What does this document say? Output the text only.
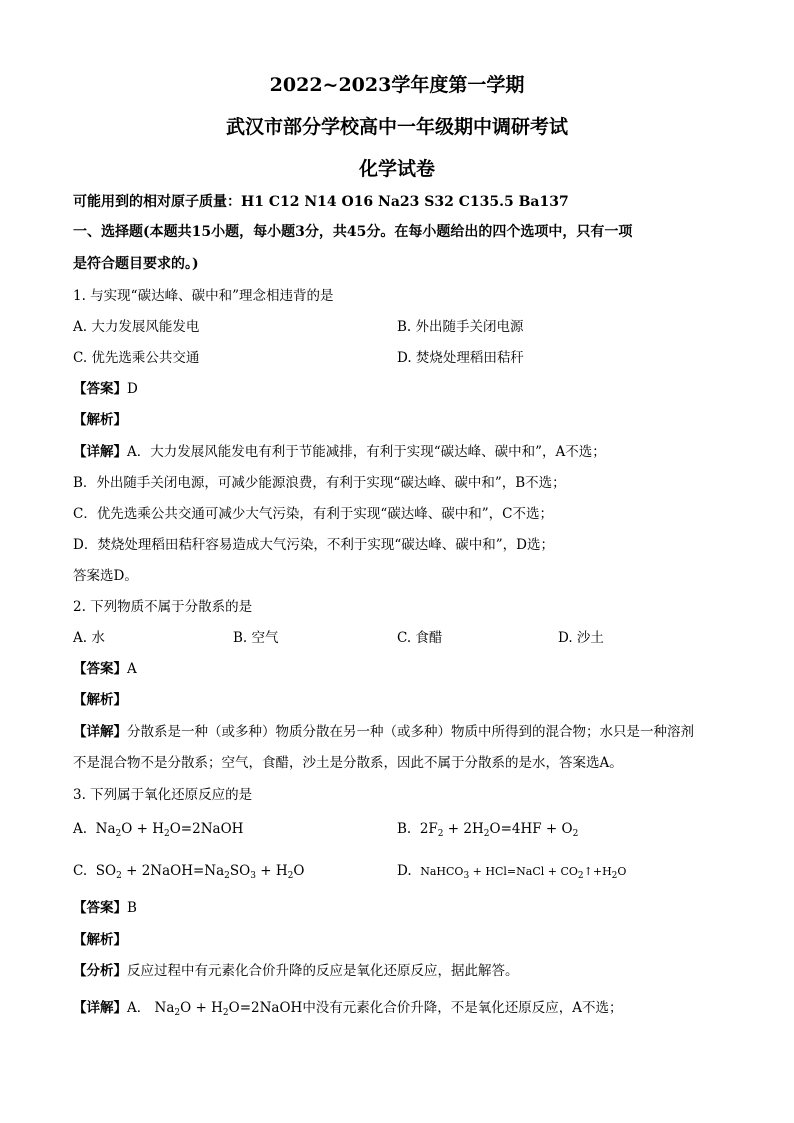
2022~2023学年度第一学期
武汉市部分学校高中一年级期中调研考试
化学试卷
可能用到的相对原子质量：H1 C12 N14 O16 Na23 S32 C135.5 Ba137
一、选择题(本题共15小题，每小题3分，共45分。在每小题给出的四个选项中，只有一项
是符合题目要求的。)
1. 与实现“碳达峰、碳中和”理念相违背的是
A. 大力发展风能发电	B. 外出随手关闭电源
C. 优先选乘公共交通	D. 焚烧处理稻田秸秆
【答案】D
【解析】
【详解】A．大力发展风能发电有利于节能减排，有利于实现“碳达峰、碳中和”，A不选；
B．外出随手关闭电源，可减少能源浪费，有利于实现“碳达峰、碳中和”，B不选；
C．优先选乘公共交通可减少大气污染，有利于实现“碳达峰、碳中和”，C不选；
D．焚烧处理稻田秸秆容易造成大气污染，不利于实现“碳达峰、碳中和”，D选；
答案选D。
2. 下列物质不属于分散系的是
A. 水	B. 空气	C. 食醋	D. 沙土
【答案】A
【解析】
【详解】分散系是一种（或多种）物质分散在另一种（或多种）物质中所得到的混合物；水只是一种溶剂
不是混合物不是分散系；空气，食醋，沙土是分散系，因此不属于分散系的是水，答案选A。
3. 下列属于氧化还原反应的是
A. $Na_2O$ + $H_2O=2NaOH$	B. $2F_2 + 2H_2O=4HF + O_2$
C. $SO_2$ + $2NaOH=Na_2SO_3 + H_2O$	D. NaHCO$_3$ + HCl=NaCl + $CO_2↑+H_2O$
【答案】B
【解析】
【分析】反应过程中有元素化合价升降的反应是氧化还原反应，据此解答。
【详解】A． $Na_2O$ + $H_2O=2NaOH$中没有元素化合价升降，不是氧化还原反应，A不选；
